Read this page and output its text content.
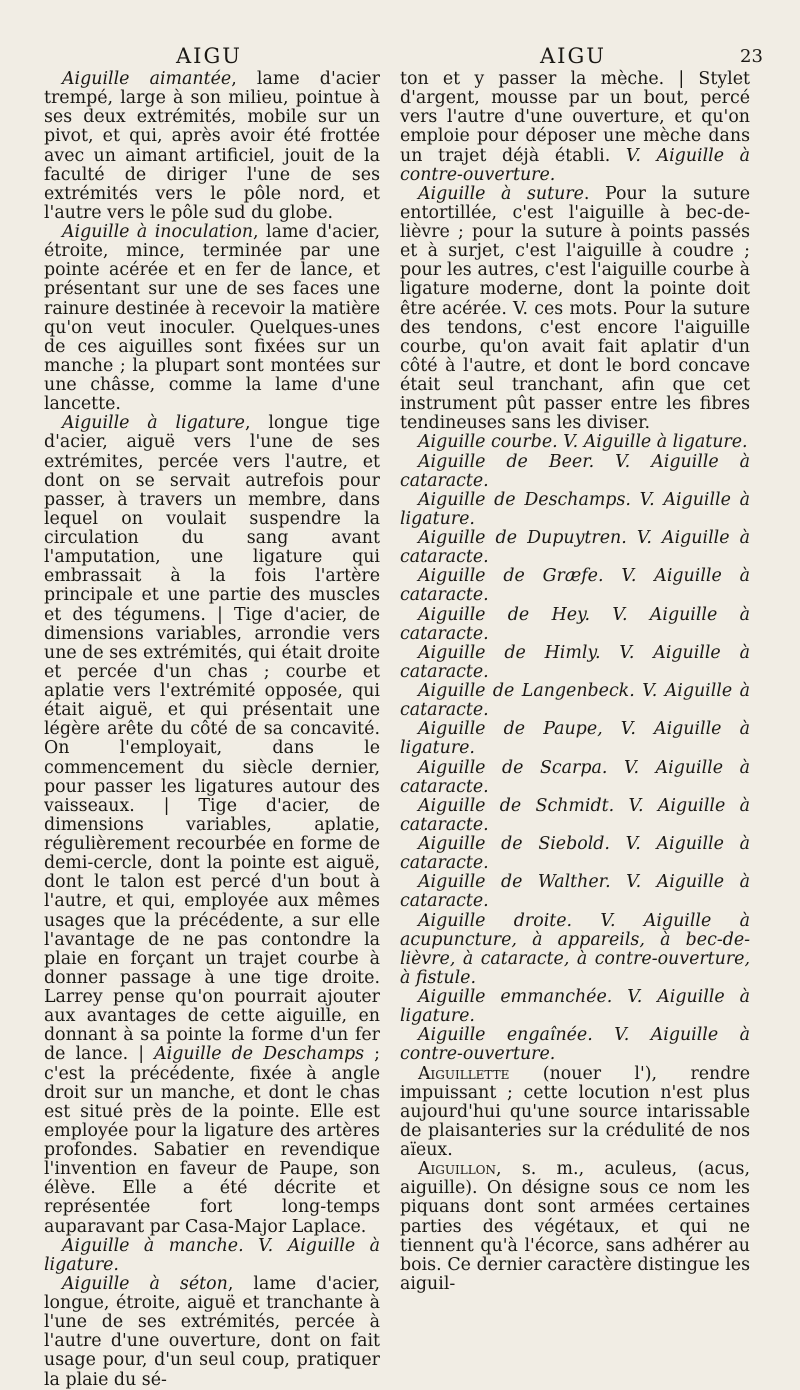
AIGU	AIGU	23

Aiguille aimantée, lame d'acier trempé, large à son milieu, pointue à ses deux extrémités, mobile sur un pivot, et qui, après avoir été frottée avec un aimant artificiel, jouit de la faculté de diriger l'une de ses extrémités vers le pôle nord, et l'autre vers le pôle sud du globe.

Aiguille à inoculation, lame d'acier, étroite, mince, terminée par une pointe acérée et en fer de lance, et présentant sur une de ses faces une rainure destinée à recevoir la matière qu'on veut inoculer. Quelques-unes de ces aiguilles sont fixées sur un manche ; la plupart sont montées sur une châsse, comme la lame d'une lancette.

Aiguille à ligature, longue tige d'acier, aiguë vers l'une de ses extrémites, percée vers l'autre, et dont on se servait autrefois pour passer, à travers un membre, dans lequel on voulait suspendre la circulation du sang avant l'amputation, une ligature qui embrassait à la fois l'artère principale et une partie des muscles et des tégumens. | Tige d'acier, de dimensions variables, arrondie vers une de ses extrémités, qui était droite et percée d'un chas ; courbe et aplatie vers l'extrémité opposée, qui était aiguë, et qui présentait une légère arête du côté de sa concavité. On l'employait, dans le commencement du siècle dernier, pour passer les ligatures autour des vaisseaux. | Tige d'acier, de dimensions variables, aplatie, régulièrement recourbée en forme de demi-cercle, dont la pointe est aiguë, dont le talon est percé d'un bout à l'autre, et qui, employée aux mêmes usages que la précédente, a sur elle l'avantage de ne pas contondre la plaie en forçant un trajet courbe à donner passage à une tige droite. Larrey pense qu'on pourrait ajouter aux avantages de cette aiguille, en donnant à sa pointe la forme d'un fer de lance. | Aiguille de Deschamps ; c'est la précédente, fixée à angle droit sur un manche, et dont le chas est situé près de la pointe. Elle est employée pour la ligature des artères profondes. Sabatier en revendique l'invention en faveur de Paupe, son élève. Elle a été décrite et représentée fort long-temps auparavant par Casa-Major Laplace.

Aiguille à manche. V. Aiguille à ligature.

Aiguille à séton, lame d'acier, longue, étroite, aiguë et tranchante à l'une de ses extrémités, percée à l'autre d'une ouverture, dont on fait usage pour, d'un seul coup, pratiquer la plaie du sé-

ton et y passer la mèche. | Stylet d'argent, mousse par un bout, percé vers l'autre d'une ouverture, et qu'on emploie pour déposer une mèche dans un trajet déjà établi. V. Aiguille à contre-ouverture.

Aiguille à suture. Pour la suture entortillée, c'est l'aiguille à bec-de-lièvre ; pour la suture à points passés et à surjet, c'est l'aiguille à coudre ; pour les autres, c'est l'aiguille courbe à ligature moderne, dont la pointe doit être acérée. V. ces mots. Pour la suture des tendons, c'est encore l'aiguille courbe, qu'on avait fait aplatir d'un côté à l'autre, et dont le bord concave était seul tranchant, afin que cet instrument pût passer entre les fibres tendineuses sans les diviser.

Aiguille courbe. V. Aiguille à ligature.

Aiguille de Beer. V. Aiguille à cataracte.

Aiguille de Deschamps. V. Aiguille à ligature.

Aiguille de Dupuytren. V. Aiguille à cataracte.

Aiguille de Græfe. V. Aiguille à cataracte.

Aiguille de Hey. V. Aiguille à cataracte.

Aiguille de Himly. V. Aiguille à cataracte.

Aiguille de Langenbeck. V. Aiguille à cataracte.

Aiguille de Paupe, V. Aiguille à ligature.

Aiguille de Scarpa. V. Aiguille à cataracte.

Aiguille de Schmidt. V. Aiguille à cataracte.

Aiguille de Siebold. V. Aiguille à cataracte.

Aiguille de Walther. V. Aiguille à cataracte.

Aiguille droite. V. Aiguille à acupuncture, à appareils, à bec-de-lièvre, à cataracte, à contre-ouverture, à fistule.

Aiguille emmanchée. V. Aiguille à ligature.

Aiguille engaînée. V. Aiguille à contre-ouverture.

Aiguillette (nouer l'), rendre impuissant ; cette locution n'est plus aujourd'hui qu'une source intarissable de plaisanteries sur la crédulité de nos aïeux.

Aiguillon, s. m., aculeus, (acus, aiguille). On désigne sous ce nom les piquans dont sont armées certaines parties des végétaux, et qui ne tiennent qu'à l'écorce, sans adhérer au bois. Ce dernier caractère distingue les aiguil-
